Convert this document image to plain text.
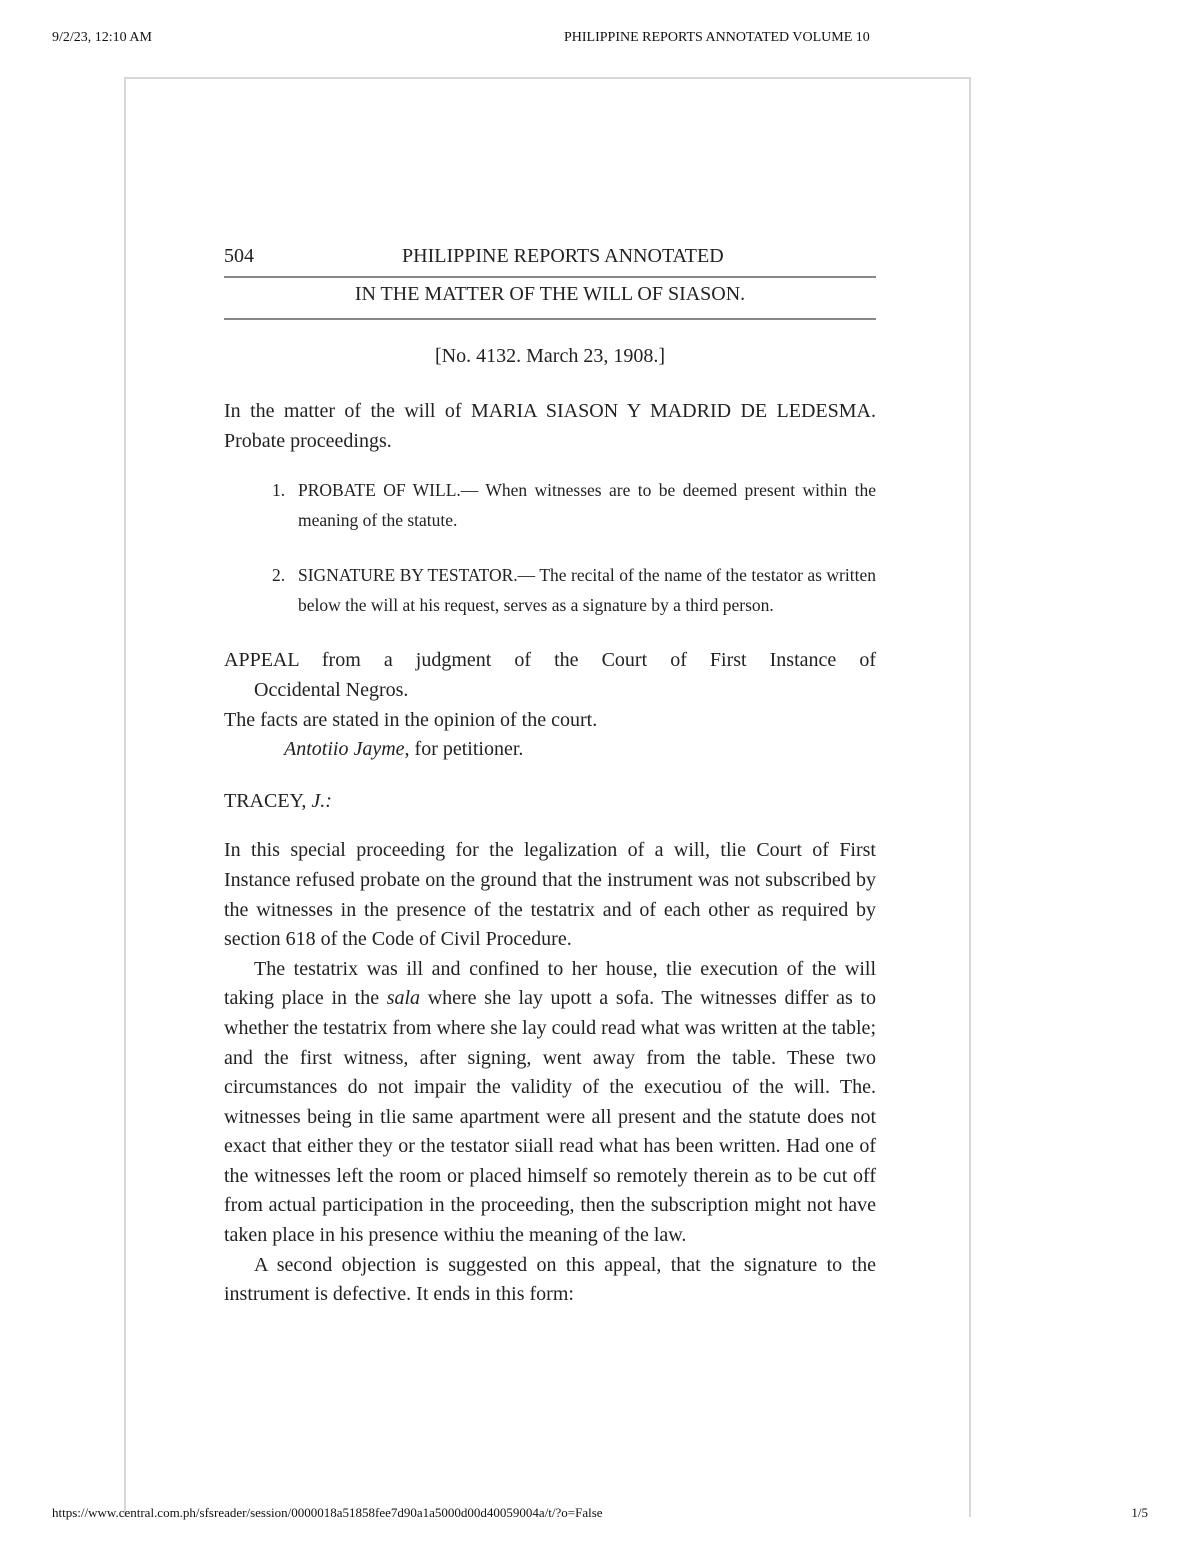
9/2/23, 12:10 AM	PHILIPPINE REPORTS ANNOTATED VOLUME 10
504	PHILIPPINE REPORTS ANNOTATED
IN THE MATTER OF THE WILL OF SIASON.
[No. 4132. March 23, 1908.]
In the matter of the will of MARIA SIASON Y MADRID DE LEDESMA. Probate proceedings.
1. PROBATE OF WILL.— When witnesses are to be deemed present within the meaning of the statute.
2. SIGNATURE BY TESTATOR.— The recital of the name of the testator as written below the will at his request, serves as a signature by a third person.
APPEAL from a judgment of the Court of First Instance of
Occidental Negros.
The facts are stated in the opinion of the court.
Antotiio Jayme, for petitioner.
TRACEY, J.:

In this special proceeding for the legalization of a will, tlie Court of First Instance refused probate on the ground that the instrument was not subscribed by the witnesses in the presence of the testatrix and of each other as required by section 618 of the Code of Civil Procedure.

The testatrix was ill and confined to her house, tlie execution of the will taking place in the sala where she lay upott a sofa. The witnesses differ as to whether the testatrix from where she lay could read what was written at the table; and the first witness, after signing, went away from the table. These two circumstances do not impair the validity of the executiou of the will. The. witnesses being in tlie same apartment were all present and the statute does not exact that either they or the testator siiall read what has been written. Had one of the witnesses left the room or placed himself so remotely therein as to be cut off from actual participation in the proceeding, then the subscription might not have taken place in his presence withiu the meaning of the law.

A second objection is suggested on this appeal, that the signature to the instrument is defective. It ends in this form:

https://www.central.com.ph/sfsreader/session/0000018a51858fee7d90a1a5000d00d40059004a/t/?o=False	1/5
